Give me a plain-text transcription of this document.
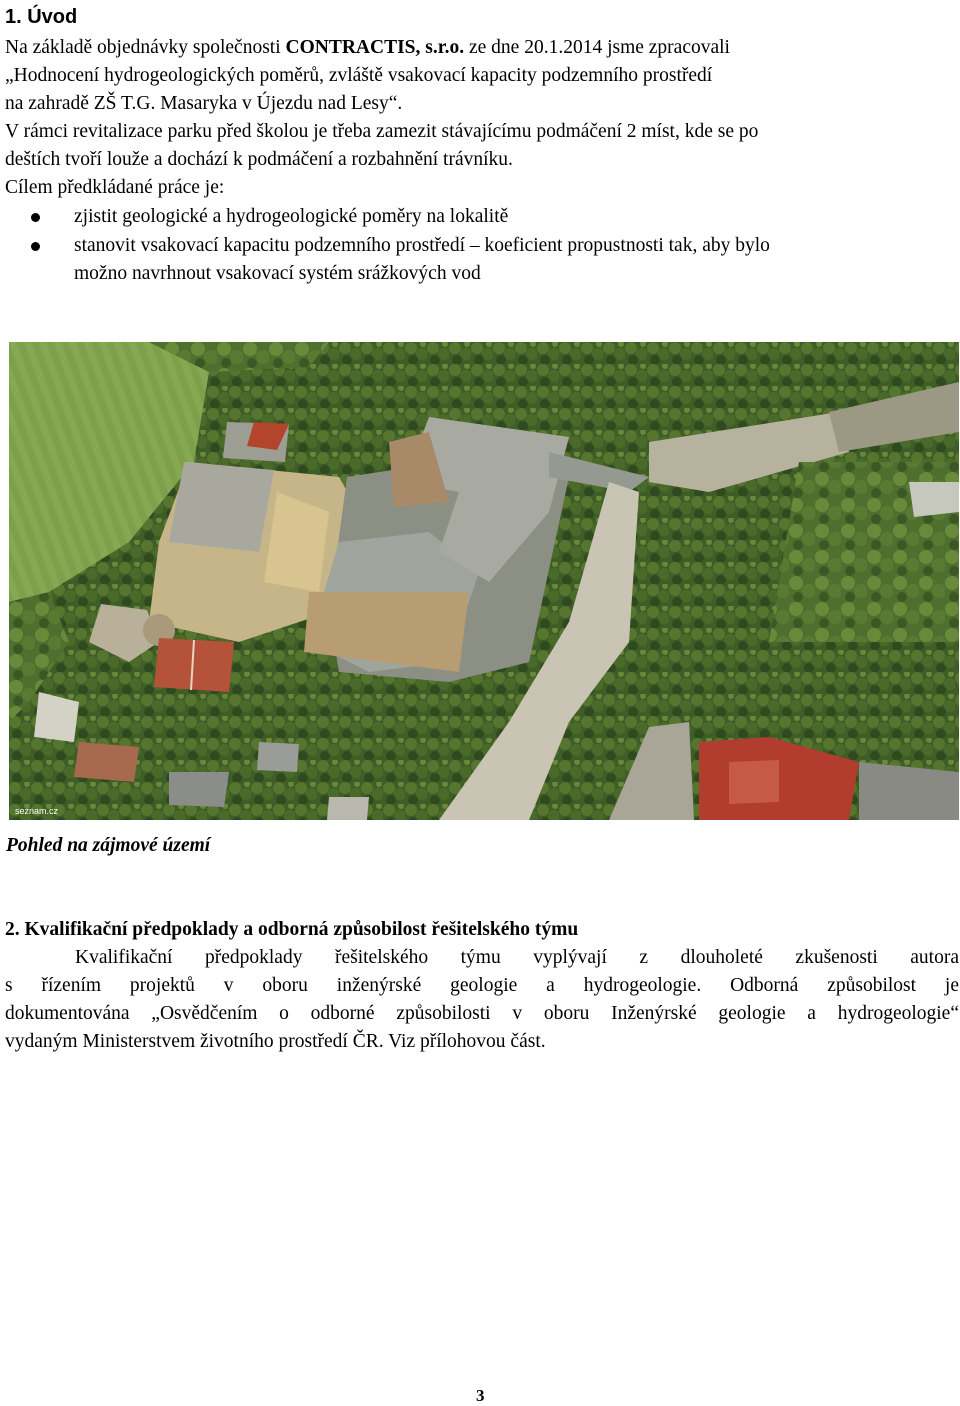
1. Úvod
Na základě objednávky společnosti CONTRACTIS, s.r.o. ze dne 20.1.2014 jsme zpracovali
„Hodnocení hydrogeologických poměrů, zvláště vsakovací kapacity podzemního prostředí
na zahradě ZŠ T.G. Masaryka v Újezdu nad Lesy“.
V rámci revitalizace parku před školou je třeba zamezit stávajícímu podmáčení 2 míst, kde se po
deštích tvoří louže a dochází k podmáčení a rozbahnění trávníku.
Cílem předkládané práce je:
zjistit geologické a hydrogeologické poměry na lokalitě
stanovit vsakovací kapacitu podzemního prostředí – koeficient propustnosti tak, aby bylo
možno navrhnout vsakovací systém srážkových vod
seznam.cz
Pohled na zájmové území
2. Kvalifikační předpoklady a odborná způsobilost řešitelského týmu
Kvalifikační předpoklady řešitelského týmu vyplývají z dlouholeté zkušenosti autora
s řízením projektů v oboru inženýrské geologie a hydrogeologie. Odborná způsobilost je
dokumentována „Osvědčením o odborné způsobilosti v oboru Inženýrské geologie a hydrogeologie“
vydaným Ministerstvem životního prostředí ČR. Viz přílohovou část.
3
